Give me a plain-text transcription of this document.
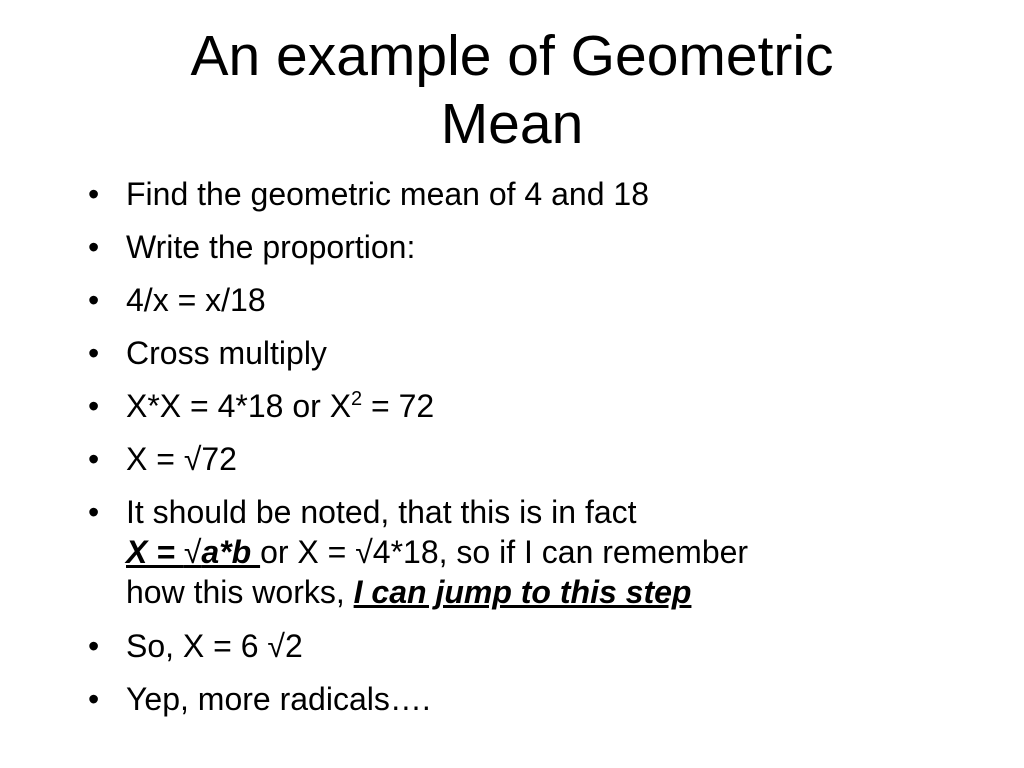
An example of Geometric
Mean
• Find the geometric mean of 4 and 18
• Write the proportion:
• 4/x = x/18
• Cross multiply
• X*X = 4*18 or $X^2 = 72$
• X = √72
• It should be noted, that this is in fact
X = √a*b or X = √4*18, so if I can remember
how this works, I can jump to this step
• So, X = 6 √2
• Yep, more radicals….
